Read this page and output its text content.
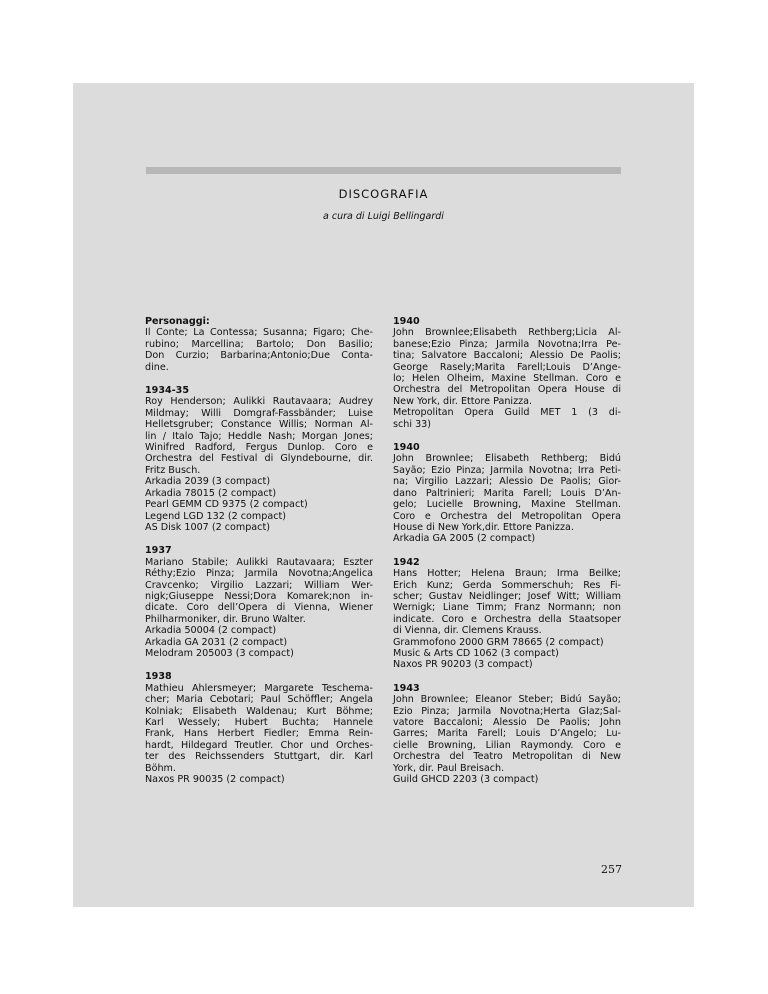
DISCOGRAFIA
a cura di Luigi Bellingardi
Personaggi:
Il Conte; La Contessa; Susanna; Figaro; Che-
rubino; Marcellina; Bartolo; Don Basilio;
Don Curzio; Barbarina;Antonio;Due Conta-
dine.
1934-35
Roy Henderson; Aulikki Rautavaara; Audrey
Mildmay; Willi Domgraf-Fassbänder; Luise
Helletsgruber; Constance Willis; Norman Al-
lin / Italo Tajo; Heddle Nash; Morgan Jones;
Winifred Radford, Fergus Dunlop. Coro e
Orchestra del Festival di Glyndebourne, dir.
Fritz Busch.
Arkadia 2039 (3 compact)
Arkadia 78015 (2 compact)
Pearl GEMM CD 9375 (2 compact)
Legend LGD 132 (2 compact)
AS Disk 1007 (2 compact)
1937
Mariano Stabile; Aulikki Rautavaara; Eszter
Réthy;Ezio Pinza; Jarmila Novotna;Angelica
Cravcenko; Virgilio Lazzari; William Wer-
nigk;Giuseppe Nessi;Dora Komarek;non in-
dicate. Coro dell’Opera di Vienna, Wiener
Philharmoniker, dir. Bruno Walter.
Arkadia 50004 (2 compact)
Arkadia GA 2031 (2 compact)
Melodram 205003 (3 compact)
1938
Mathieu Ahlersmeyer; Margarete Teschema-
cher; Maria Cebotari; Paul Schöffler; Angela
Kolniak; Elisabeth Waldenau; Kurt Böhme;
Karl Wessely; Hubert Buchta; Hannele
Frank, Hans Herbert Fiedler; Emma Rein-
hardt, Hildegard Treutler. Chor und Orches-
ter des Reichssenders Stuttgart, dir. Karl
Böhm.
Naxos PR 90035 (2 compact)
1940
John Brownlee;Elisabeth Rethberg;Licia Al-
banese;Ezio Pinza; Jarmila Novotna;Irra Pe-
tina; Salvatore Baccaloni; Alessio De Paolis;
George Rasely;Marita Farell;Louis D’Ange-
lo; Helen Olheim, Maxine Stellman. Coro e
Orchestra del Metropolitan Opera House di
New York, dir. Ettore Panizza.
Metropolitan Opera Guild MET 1 (3 di-
schi 33)
1940
John Brownlee; Elisabeth Rethberg; Bidú
Sayão; Ezio Pinza; Jarmila Novotna; Irra Peti-
na; Virgilio Lazzari; Alessio De Paolis; Gior-
dano Paltrinieri; Marita Farell; Louis D’An-
gelo; Lucielle Browning, Maxine Stellman.
Coro e Orchestra del Metropolitan Opera
House di New York,dir. Ettore Panizza.
Arkadia GA 2005 (2 compact)
1942
Hans Hotter; Helena Braun; Irma Beilke;
Erich Kunz; Gerda Sommerschuh; Res Fi-
scher; Gustav Neidlinger; Josef Witt; William
Wernigk; Liane Timm; Franz Normann; non
indicate. Coro e Orchestra della Staatsoper
di Vienna, dir. Clemens Krauss.
Grammofono 2000 GRM 78665 (2 compact)
Music & Arts CD 1062 (3 compact)
Naxos PR 90203 (3 compact)
1943
John Brownlee; Eleanor Steber; Bidú Sayão;
Ezio Pinza; Jarmila Novotna;Herta Glaz;Sal-
vatore Baccaloni; Alessio De Paolis; John
Garres; Marita Farell; Louis D’Angelo; Lu-
cielle Browning, Lilian Raymondy. Coro e
Orchestra del Teatro Metropolitan di New
York, dir. Paul Breisach.
Guild GHCD 2203 (3 compact)
257
